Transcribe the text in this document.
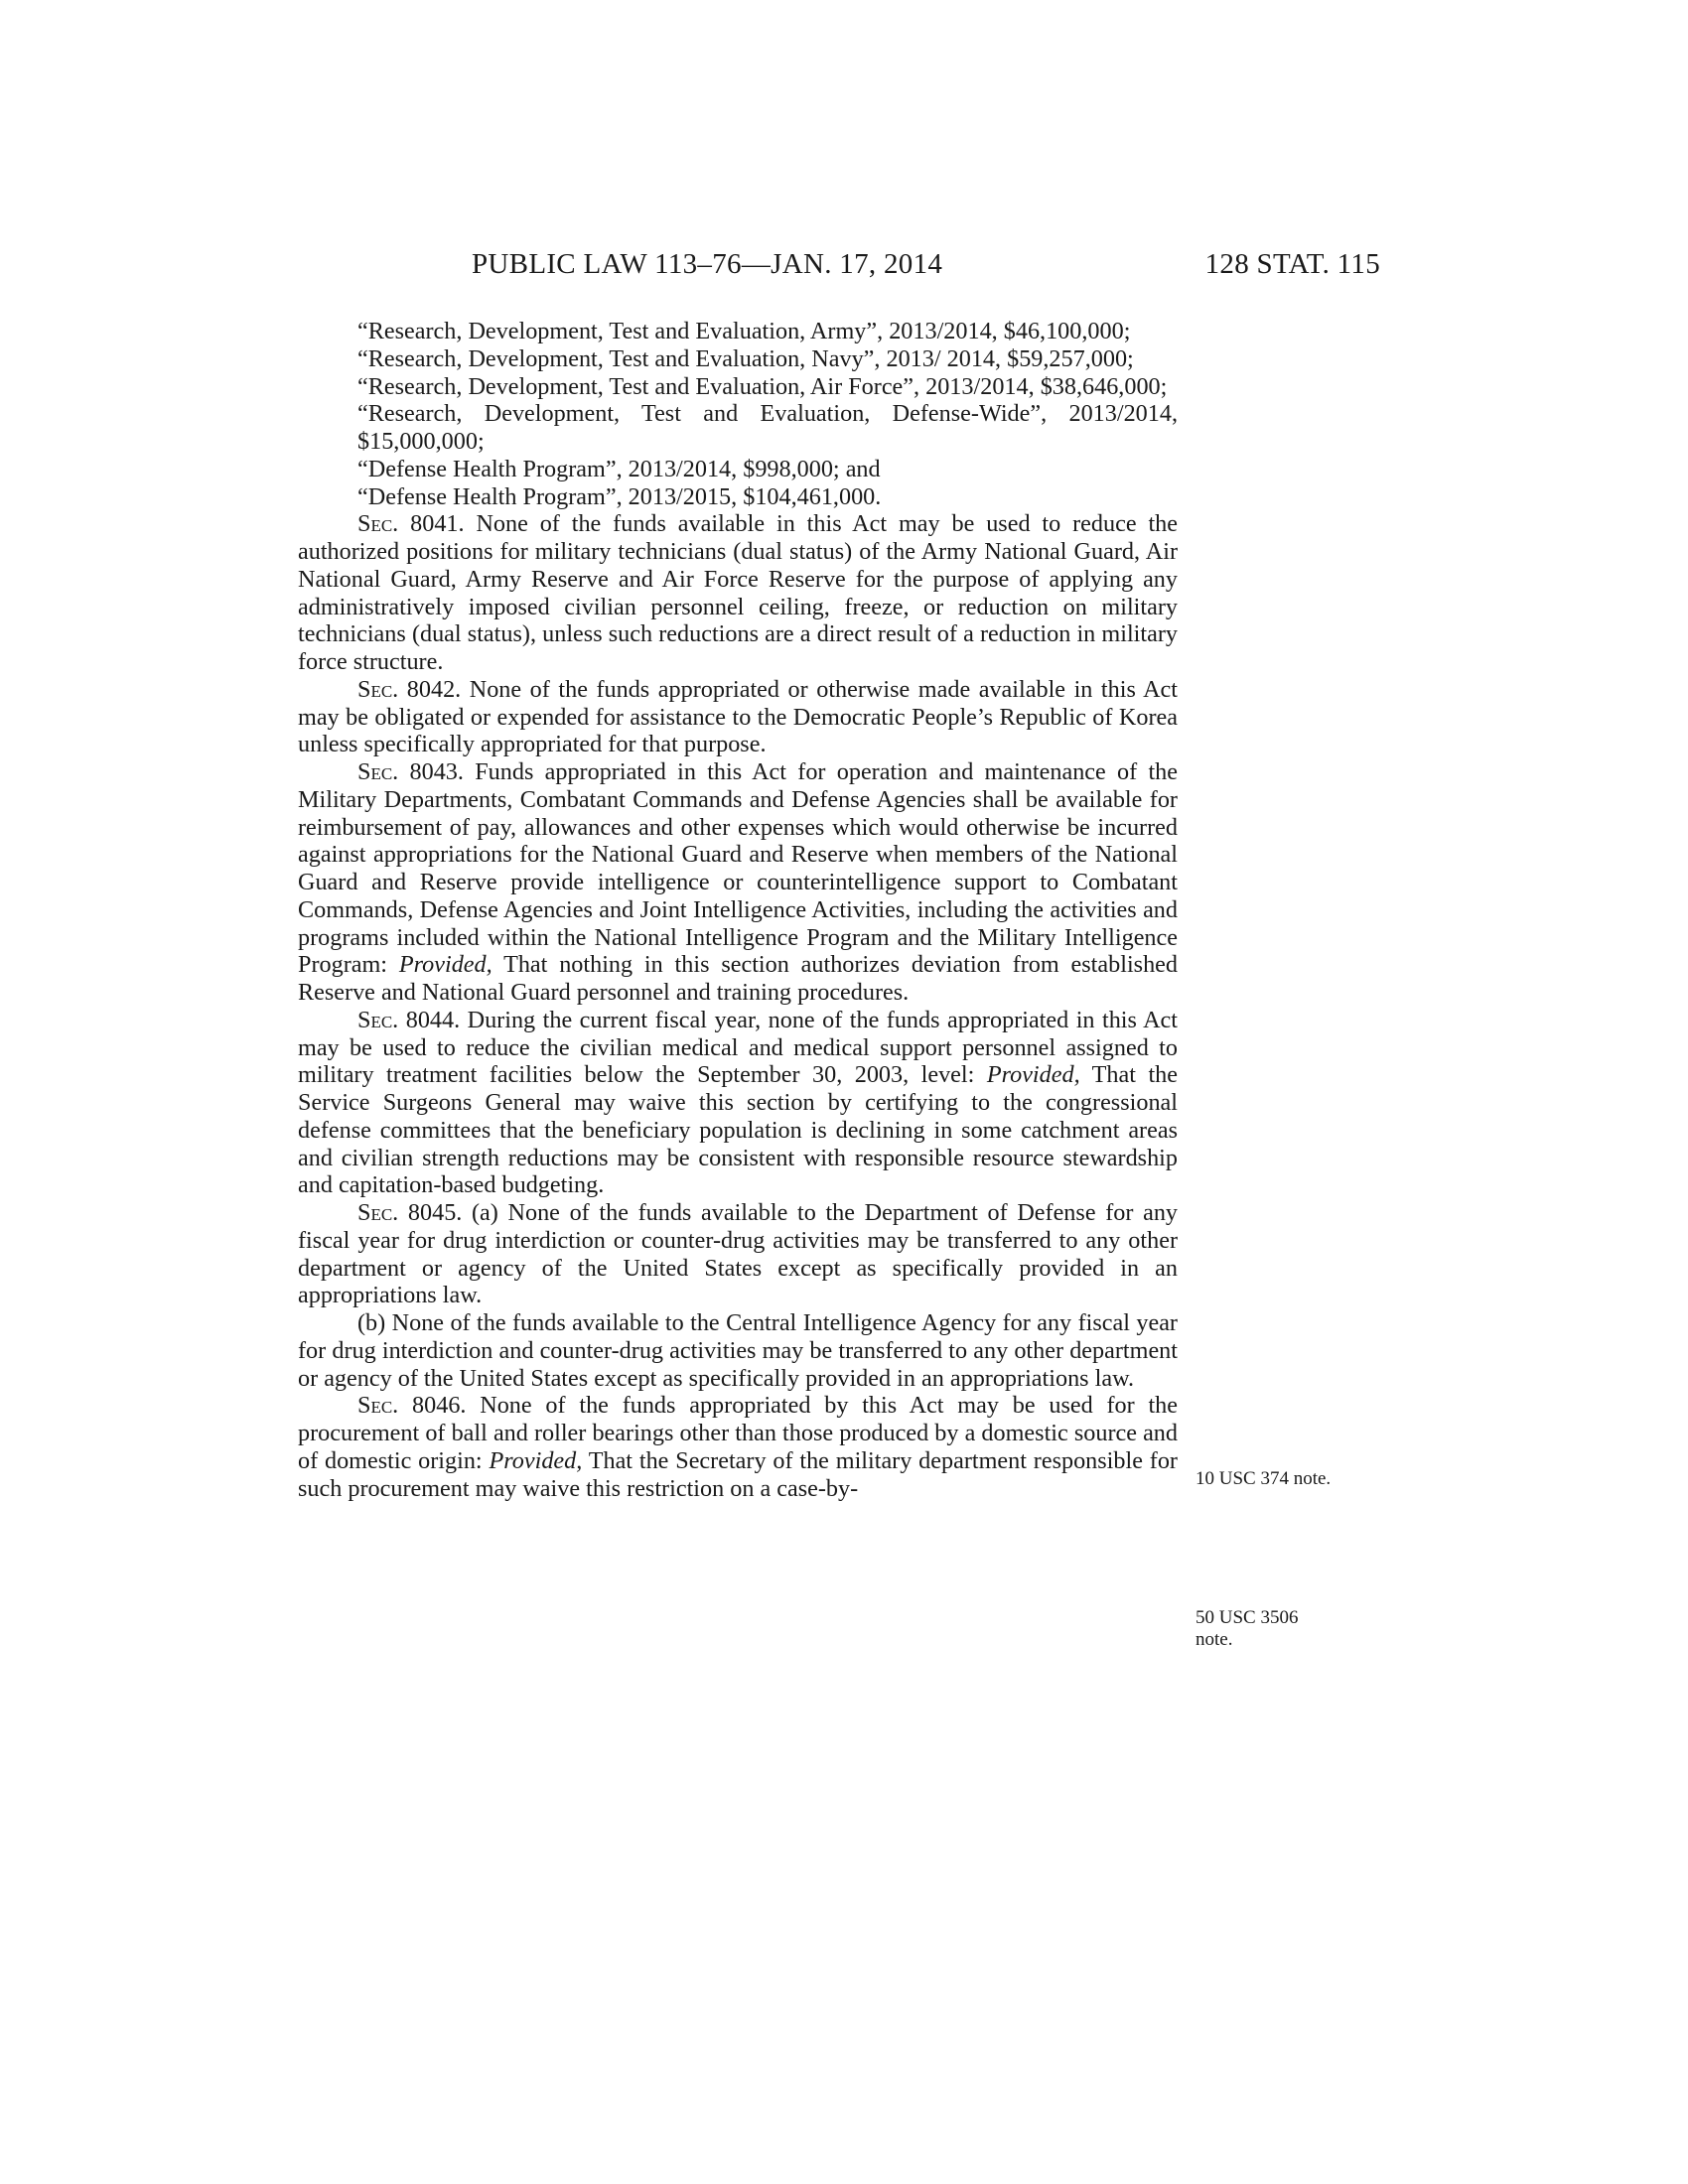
PUBLIC LAW 113–76—JAN. 17, 2014	128 STAT. 115

“Research, Development, Test and Evaluation, Army”, 2013/2014, $46,100,000;

“Research, Development, Test and Evaluation, Navy”, 2013/ 2014, $59,257,000;

“Research, Development, Test and Evaluation, Air Force”, 2013/2014, $38,646,000;

“Research, Development, Test and Evaluation, Defense-Wide”, 2013/2014, $15,000,000;

“Defense Health Program”, 2013/2014, $998,000; and

“Defense Health Program”, 2013/2015, $104,461,000.

Sec. 8041. None of the funds available in this Act may be used to reduce the authorized positions for military technicians (dual status) of the Army National Guard, Air National Guard, Army Reserve and Air Force Reserve for the purpose of applying any administratively imposed civilian personnel ceiling, freeze, or reduction on military technicians (dual status), unless such reductions are a direct result of a reduction in military force structure.

Sec. 8042. None of the funds appropriated or otherwise made available in this Act may be obligated or expended for assistance to the Democratic People’s Republic of Korea unless specifically appropriated for that purpose.

Sec. 8043. Funds appropriated in this Act for operation and maintenance of the Military Departments, Combatant Commands and Defense Agencies shall be available for reimbursement of pay, allowances and other expenses which would otherwise be incurred against appropriations for the National Guard and Reserve when members of the National Guard and Reserve provide intelligence or counterintelligence support to Combatant Commands, Defense Agencies and Joint Intelligence Activities, including the activities and programs included within the National Intelligence Program and the Military Intelligence Program: Provided, That nothing in this section authorizes deviation from established Reserve and National Guard personnel and training procedures.

Sec. 8044. During the current fiscal year, none of the funds appropriated in this Act may be used to reduce the civilian medical and medical support personnel assigned to military treatment facilities below the September 30, 2003, level: Provided, That the Service Surgeons General may waive this section by certifying to the congressional defense committees that the beneficiary population is declining in some catchment areas and civilian strength reductions may be consistent with responsible resource stewardship and capitation-based budgeting.

Sec. 8045. (a) None of the funds available to the Department of Defense for any fiscal year for drug interdiction or counter-drug activities may be transferred to any other department or agency of the United States except as specifically provided in an appropriations law.

(b) None of the funds available to the Central Intelligence Agency for any fiscal year for drug interdiction and counter-drug activities may be transferred to any other department or agency of the United States except as specifically provided in an appropriations law.

Sec. 8046. None of the funds appropriated by this Act may be used for the procurement of ball and roller bearings other than those produced by a domestic source and of domestic origin: Provided, That the Secretary of the military department responsible for such procurement may waive this restriction on a case-by-	10 USC 374 note.
50 USC 3506 note.
